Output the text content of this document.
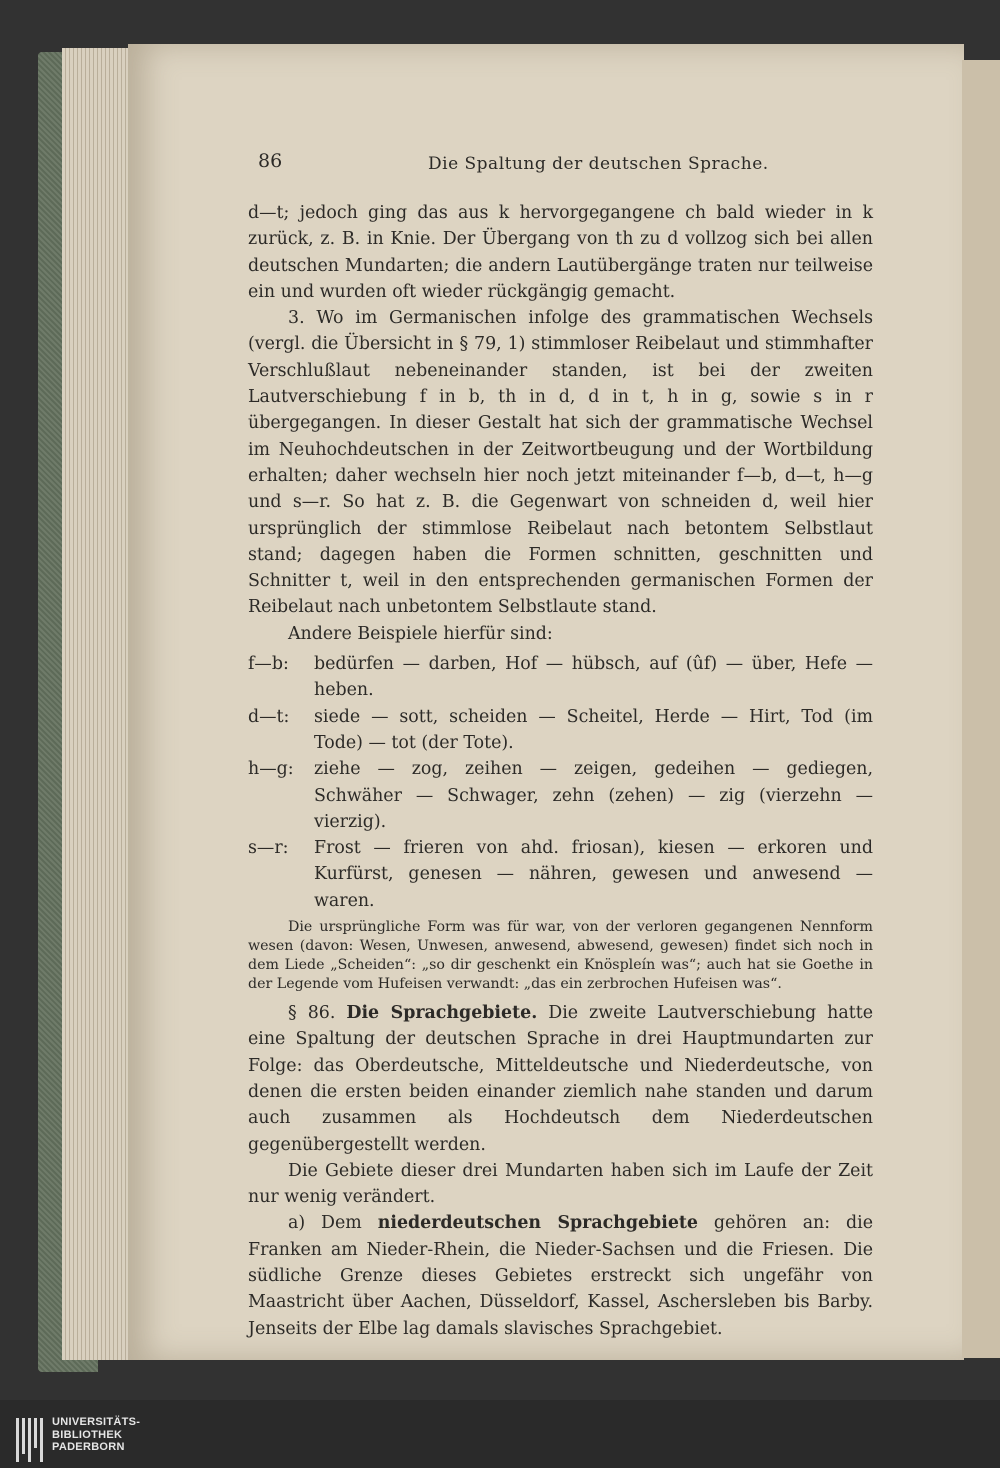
86	Die Spaltung der deutschen Sprache.

d—t; jedoch ging das aus k hervorgegangene ch bald wieder in k zurück, z. B. in Knie. Der Übergang von th zu d vollzog sich bei allen deutschen Mundarten; die andern Lautübergänge traten nur teilweise ein und wurden oft wieder rückgängig gemacht.

3. Wo im Germanischen infolge des grammatischen Wechsels (vergl. die Übersicht in § 79, 1) stimmloser Reibelaut und stimmhafter Verschlußlaut nebeneinander standen, ist bei der zweiten Lautverschiebung f in b, th in d, d in t, h in g, sowie s in r übergegangen. In dieser Gestalt hat sich der grammatische Wechsel im Neuhochdeutschen in der Zeitwortbeugung und der Wortbildung erhalten; daher wechseln hier noch jetzt miteinander f—b, d—t, h—g und s—r. So hat z. B. die Gegenwart von schneiden d, weil hier ursprünglich der stimmlose Reibelaut nach betontem Selbstlaut stand; dagegen haben die Formen schnitten, geschnitten und Schnitter t, weil in den entsprechenden germanischen Formen der Reibelaut nach unbetontem Selbstlaute stand.

Andere Beispiele hierfür sind:

f—b:	bedürfen — darben, Hof — hübsch, auf (ûf) — über, Hefe — heben.
d—t:	siede — sott, scheiden — Scheitel, Herde — Hirt, Tod (im Tode) — tot (der Tote).
h—g:	ziehe — zog, zeihen — zeigen, gedeihen — gediegen, Schwäher — Schwager, zehn (zehen) — zig (vierzehn — vierzig).
s—r:	Frost — frieren von ahd. friosan), kiesen — erkoren und Kurfürst, genesen — nähren, gewesen und anwesend — waren.

Die ursprüngliche Form was für war, von der verloren gegangenen Nennform wesen (davon: Wesen, Unwesen, anwesend, abwesend, gewesen) findet sich noch in dem Liede „Scheiden“: „so dir geschenkt ein Knöspleín was“; auch hat sie Goethe in der Legende vom Hufeisen verwandt: „das ein zerbrochen Hufeisen was“.

§ 86. Die Sprachgebiete. Die zweite Lautverschiebung hatte eine Spaltung der deutschen Sprache in drei Hauptmundarten zur Folge: das Oberdeutsche, Mitteldeutsche und Niederdeutsche, von denen die ersten beiden einander ziemlich nahe standen und darum auch zusammen als Hochdeutsch dem Niederdeutschen gegenübergestellt werden.

Die Gebiete dieser drei Mundarten haben sich im Laufe der Zeit nur wenig verändert.

a) Dem niederdeutschen Sprachgebiete gehören an: die Franken am Nieder-Rhein, die Nieder-Sachsen und die Friesen. Die südliche Grenze dieses Gebietes erstreckt sich ungefähr von Maastricht über Aachen, Düsseldorf, Kassel, Aschersleben bis Barby. Jenseits der Elbe lag damals slavisches Sprachgebiet.

UNIVERSITÄTS-
BIBLIOTHEK
PADERBORN
